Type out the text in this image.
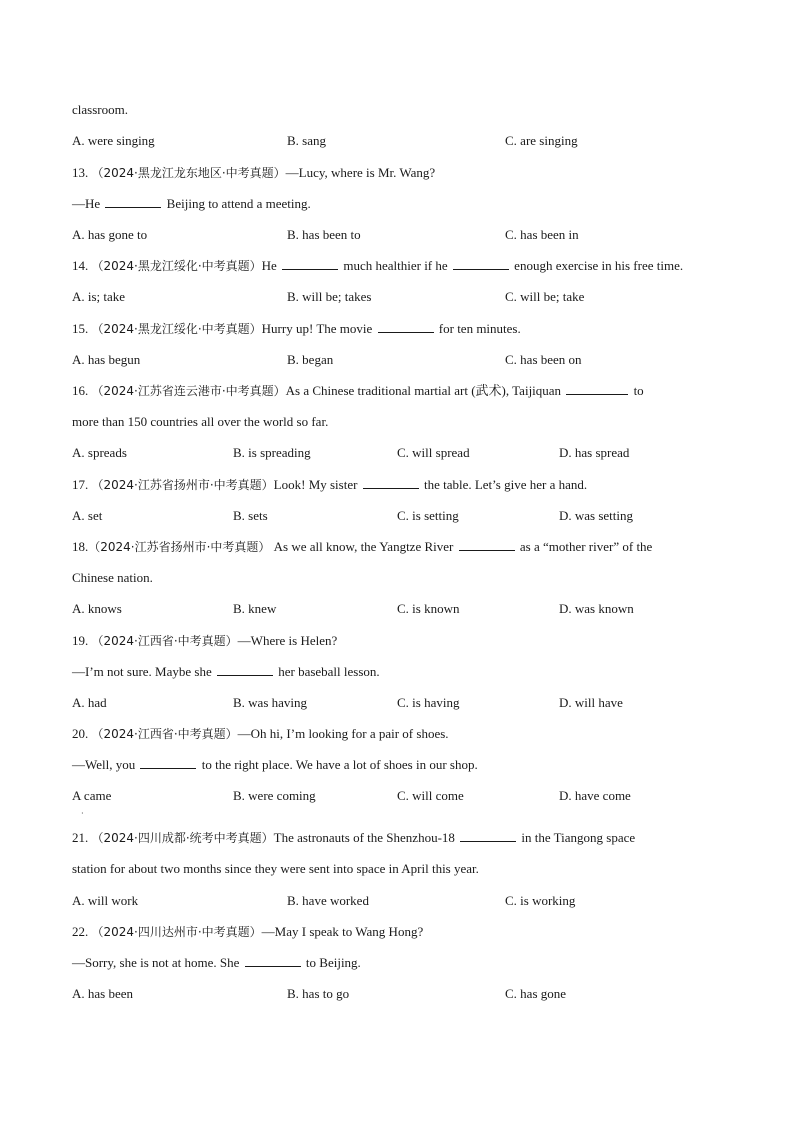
classroom.
A. were singing	B. sang	C. are singing
13. （2024·黑龙江龙东地区·中考真题）—Lucy, where is Mr. Wang?
—He	Beijing to attend a meeting.
A. has gone to	B. has been to	C. has been in
14. （2024·黑龙江绥化·中考真题）He	much healthier if he	enough exercise in his free time.
A. is; take	B. will be; takes	C. will be; take
15. （2024·黑龙江绥化·中考真题）Hurry up! The movie	for ten minutes.
A. has begun	B. began	C. has been on
16. （2024·江苏省连云港市·中考真题）As a Chinese traditional martial art (武术), Taijiquan	to
more than 150 countries all over the world so far.
A. spreads	B. is spreading	C. will spread	D. has spread
17. （2024·江苏省扬州市·中考真题）Look! My sister	the table. Let’s give her a hand.
A. set	B. sets	C. is setting	D. was setting
18.（2024·江苏省扬州市·中考真题） As we all know, the Yangtze River	as a “mother river” of the
Chinese nation.
A. knows	B. knew	C. is known	D. was known
19. （2024·江西省·中考真题）—Where is Helen?
—I’m not sure. Maybe she	her baseball lesson.
A. had	B. was having	C. is having	D. will have
20. （2024·江西省·中考真题）—Oh hi, I’m looking for a pair of shoes.
—Well, you	to the right place. We have a lot of shoes in our shop.
A came	B. were coming	C. will come	D. have come
·
21. （2024·四川成都·统考中考真题）The astronauts of the Shenzhou-18	in the Tiangong space
station for about two months since they were sent into space in April this year.
A. will work	B. have worked	C. is working
22. （2024·四川达州市·中考真题）—May I speak to Wang Hong?
—Sorry, she is not at home. She	to Beijing.
A. has been	B. has to go	C. has gone
